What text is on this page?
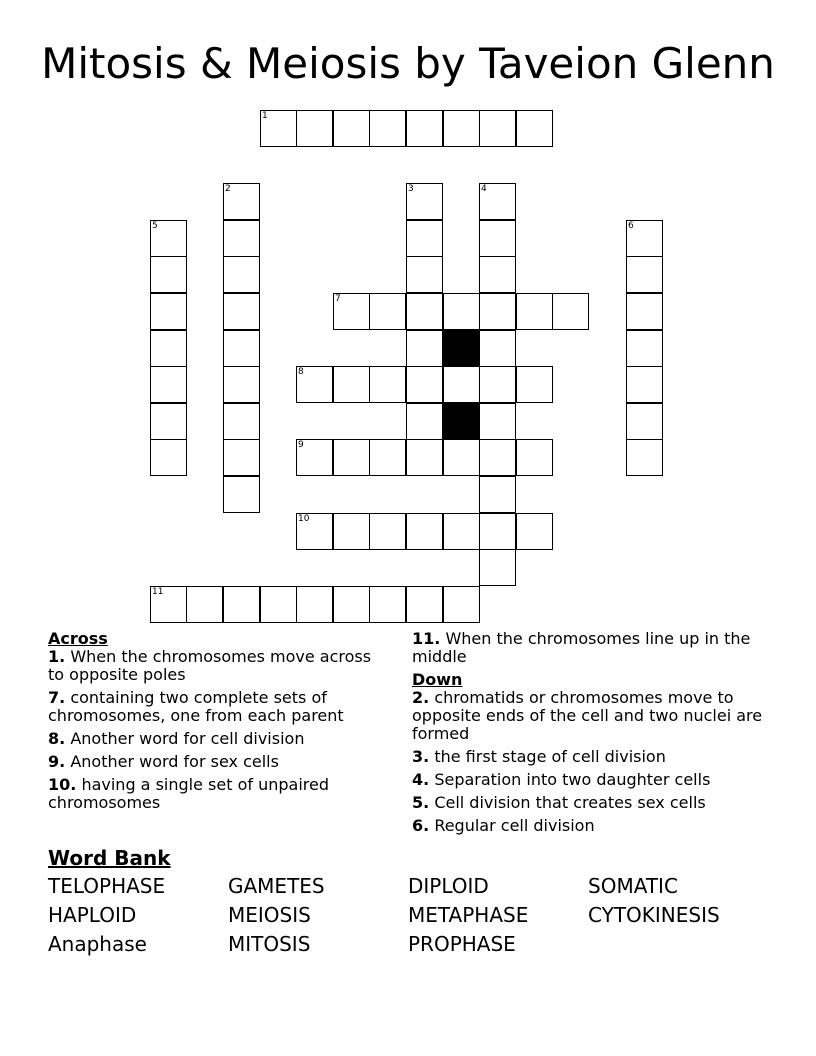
Mitosis & Meiosis by Taveion Glenn
1
2	3	4
5	6
7
8
9
10
11
Across
1. When the chromosomes move across to opposite poles
7. containing two complete sets of chromosomes, one from each parent
8. Another word for cell division
9. Another word for sex cells
10. having a single set of unpaired chromosomes
11. When the chromosomes line up in the middle
Down
2. chromatids or chromosomes move to opposite ends of the cell and two nuclei are formed
3. the first stage of cell division
4. Separation into two daughter cells
5. Cell division that creates sex cells
6. Regular cell division
Word Bank
TELOPHASE	GAMETES	DIPLOID	SOMATIC
HAPLOID	MEIOSIS	METAPHASE	CYTOKINESIS
Anaphase	MITOSIS	PROPHASE
